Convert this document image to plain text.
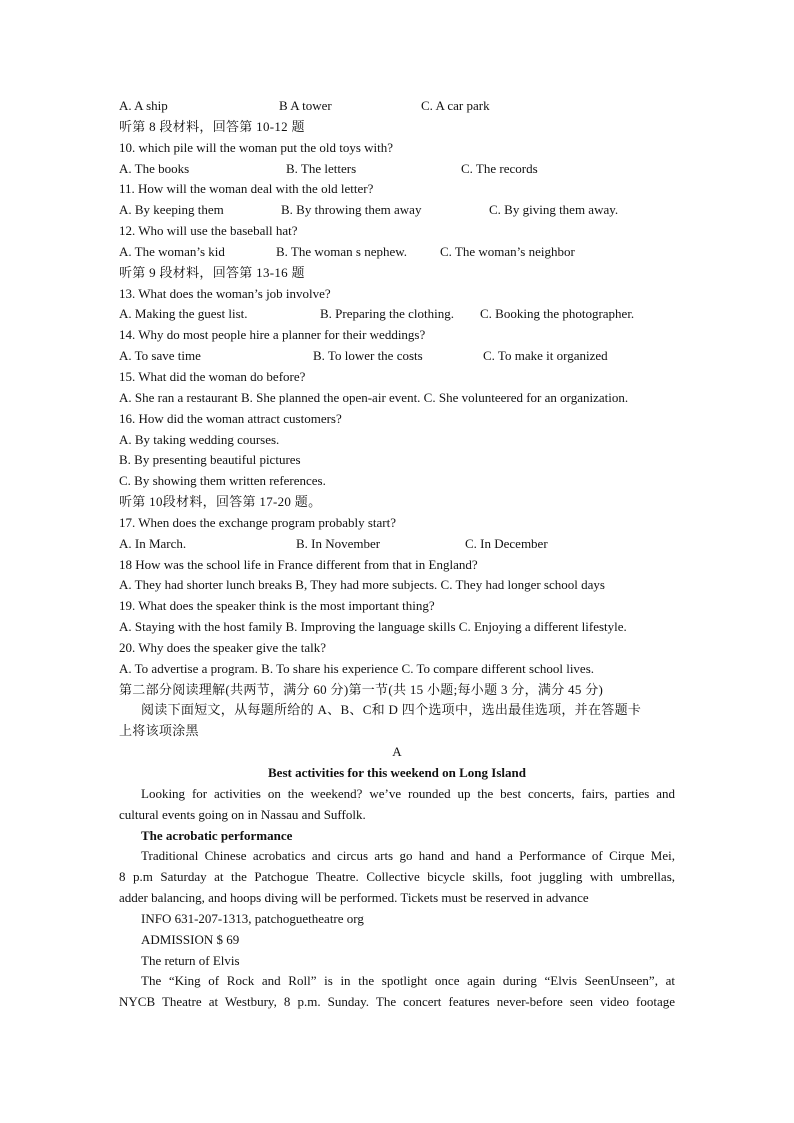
A. A ship	B A tower	C. A car park
听第 8 段材料，回答第 10-12 题
10. which pile will the woman put the old toys with?
A. The books	B. The letters	C. The records
11. How will the woman deal with the old letter?
A. By keeping them	B. By throwing them away	C. By giving them away.
12. Who will use the baseball hat?
A. The woman’s kid	B. The woman s nephew.	C. The woman’s neighbor
听第 9 段材料，回答第 13-16 题
13. What does the woman’s job involve?
A. Making the guest list.	B. Preparing the clothing. C. Booking the photographer.
14. Why do most people hire a planner for their weddings?
A. To save time	B. To lower the costs	C. To make it organized
15. What did the woman do before?
A. She ran a restaurant B. She planned the open-air event. C. She volunteered for an organization.
16. How did the woman attract customers?
A. By taking wedding courses.
B. By presenting beautiful pictures
C. By showing them written references.
听第 10段材料，回答第 17-20 题。
17. When does the exchange program probably start?
A. In March.	B. In November	C. In December
18 How was the school life in France different from that in England?
A. They had shorter lunch breaks B, They had more subjects. C. They had longer school days
19. What does the speaker think is the most important thing?
A. Staying with the host family B. Improving the language skills C. Enjoying a different lifestyle.
20. Why does the speaker give the talk?
A. To advertise a program. B. To share his experience C. To compare different school lives.
第二部分阅读理解(共两节，满分 60 分)第一节(共 15 小题;每小题 3 分，满分 45 分)
阅读下面短文，从每题所给的 A、B、C和 D 四个选项中，选出最佳选项，并在答题卡
上将该项涂黑
A
Best activities for this weekend on Long Island
Looking for activities on the weekend? we’ve rounded up the best concerts, fairs, parties and
cultural events going on in Nassau and Suffolk.
The acrobatic performance
Traditional Chinese acrobatics and circus arts go hand and hand a Performance of Cirque Mei,
8 p.m Saturday at the Patchogue Theatre. Collective bicycle skills, foot juggling with umbrellas,
adder balancing, and hoops diving will be performed. Tickets must be reserved in advance
INFO 631-207-1313, patchoguetheatre org
ADMISSION $ 69
The return of Elvis
The “King of Rock and Roll” is in the spotlight once again during “Elvis SeenUnseen”, at
NYCB Theatre at Westbury, 8 p.m. Sunday. The concert features never-before seen video footage
